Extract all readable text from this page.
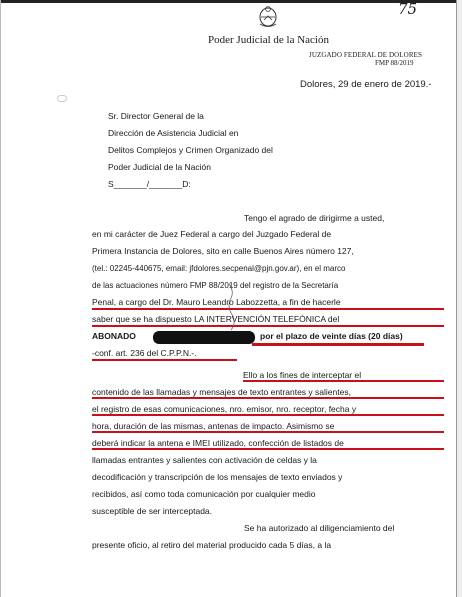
75
Poder Judicial de la Nación
JUZGADO FEDERAL DE DOLORES
FMP 88/2019
Dolores, 29 de enero de 2019.-
Sr. Director General de la
Dirección de Asistencia Judicial en
Delitos Complejos y Crimen Organizado del
Poder Judicial de la Nación
S_______/_______D:
Tengo el agrado de dirigirme a usted,
en mi carácter de Juez Federal a cargo del Juzgado Federal de
Primera Instancia de Dolores, sito en calle Buenos Aires número 127,
(tel.: 02245-440675, email: jfdolores.secpenal@pjn.gov.ar), en el marco
de las actuaciones número FMP 88/2019 del registro de la Secretaría
Penal, a cargo del Dr. Mauro Leandro Labozzetta, a fin de hacerle
saber que se ha dispuesto LA INTERVENCIÓN TELEFÓNICA del
ABONADO	por el plazo de veinte días (20 días)
-conf. art. 236 del C.P.P.N.-.
Ello a los fines de interceptar el
contenido de las llamadas y mensajes de texto entrantes y salientes,
el registro de esas comunicaciones, nro. emisor, nro. receptor, fecha y
hora, duración de las mismas, antenas de impacto. Asimismo se
deberá indicar la antena e IMEI utilizado, confección de listados de
llamadas entrantes y salientes con activación de celdas y la
decodificación y transcripción de los mensajes de texto enviados y
recibidos, así como toda comunicación por cualquier medio
susceptible de ser interceptada.
Se ha autorizado al diligenciamiento del
presente oficio, al retiro del material producido cada 5 días, a la
